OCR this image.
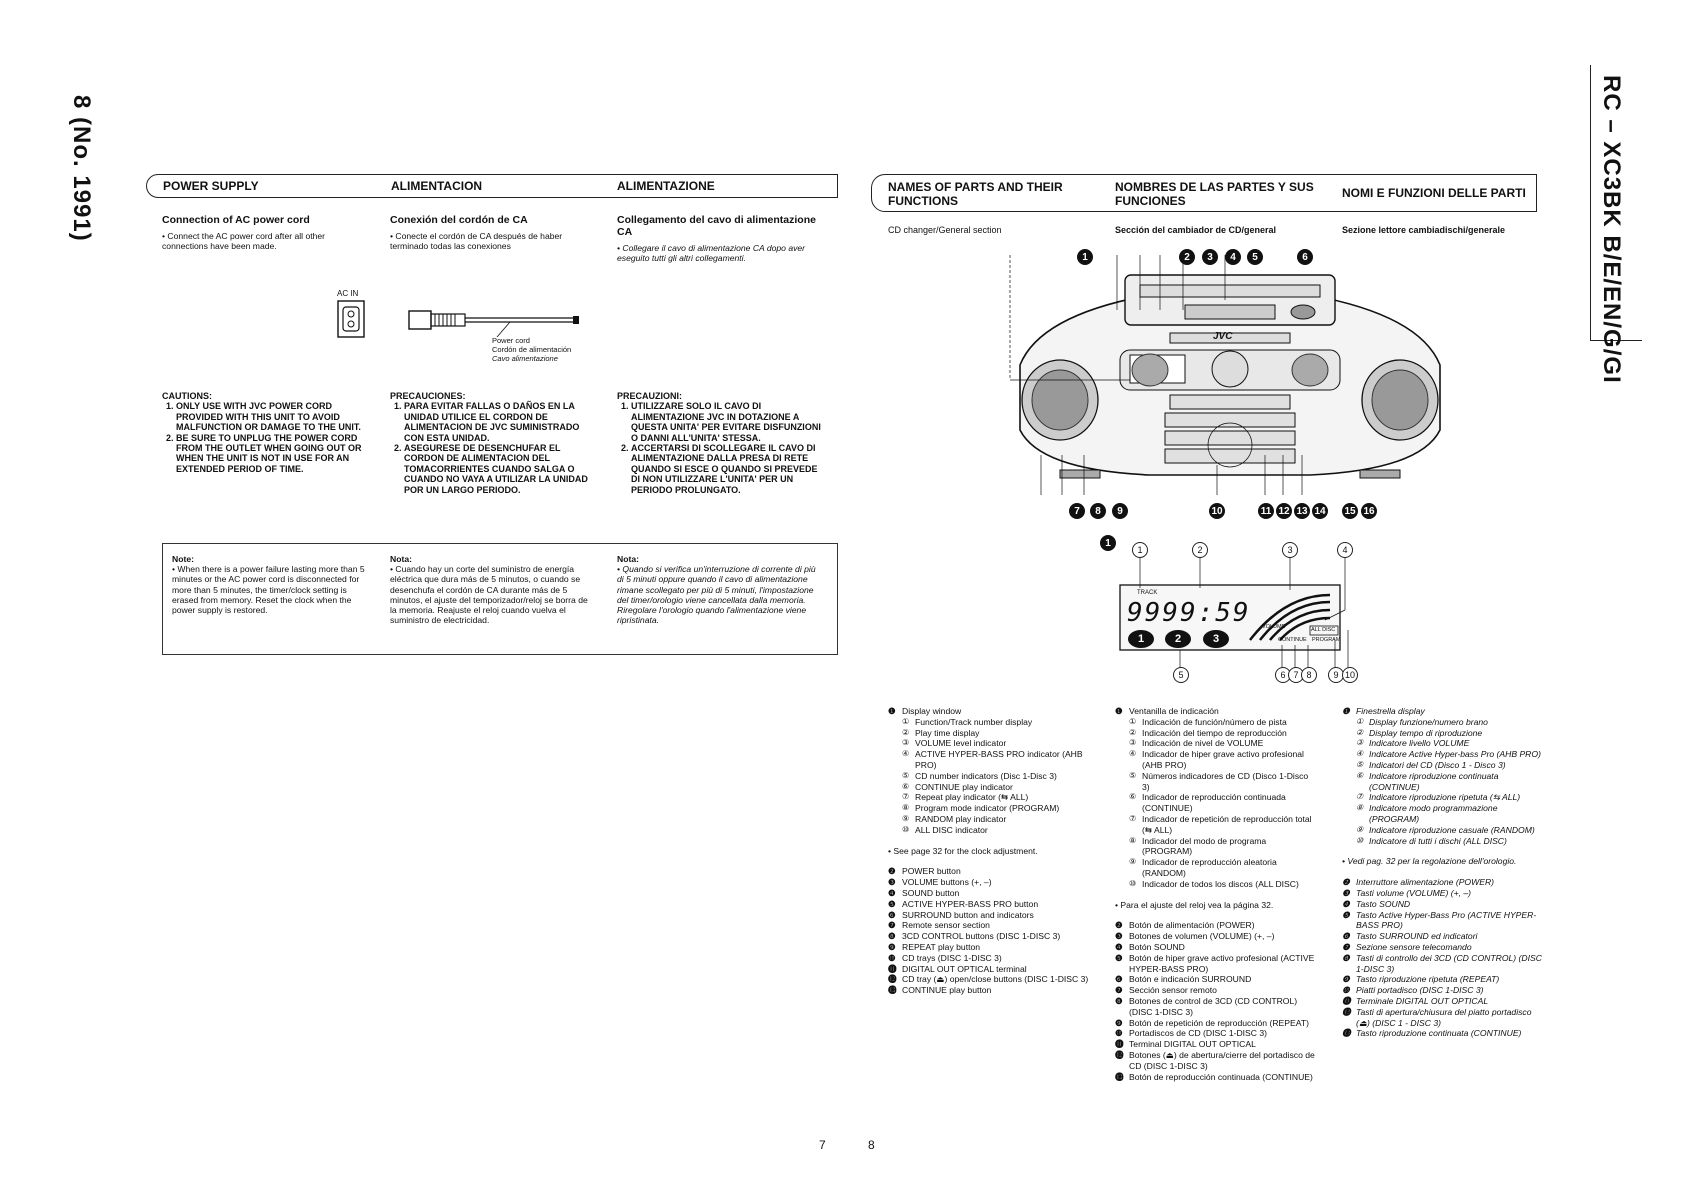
8 (No. 1991)	RC – XC3BK B/E/EN/G/GI
POWER SUPPLY	ALIMENTACION	ALIMENTAZIONE
Connection of AC power cord
• Connect the AC power cord after all other connections have been made.
Conexión del cordón de CA
• Conecte el cordón de CA después de haber terminado todas las conexiones
Collegamento del cavo di alimentazione CA
• Collegare il cavo di alimentazione CA dopo aver eseguito tutti gli altri collegamenti.
AC IN
Power cord
Cordón de alimentación
Cavo alimentazione
CAUTIONS:
1. ONLY USE WITH JVC POWER CORD PROVIDED WITH THIS UNIT TO AVOID MALFUNCTION OR DAMAGE TO THE UNIT.
2. BE SURE TO UNPLUG THE POWER CORD FROM THE OUTLET WHEN GOING OUT OR WHEN THE UNIT IS NOT IN USE FOR AN EXTENDED PERIOD OF TIME.
PRECAUCIONES:
1. PARA EVITAR FALLAS O DAÑOS EN LA UNIDAD UTILICE EL CORDON DE ALIMENTACION DE JVC SUMINISTRADO CON ESTA UNIDAD.
2. ASEGURESE DE DESENCHUFAR EL CORDON DE ALIMENTACION DEL TOMACORRIENTES CUANDO SALGA O CUANDO NO VAYA A UTILIZAR LA UNIDAD POR UN LARGO PERIODO.
PRECAUZIONI:
1. UTILIZZARE SOLO IL CAVO DI ALIMENTAZIONE JVC IN DOTAZIONE A QUESTA UNITA' PER EVITARE DISFUNZIONI O DANNI ALL'UNITA' STESSA.
2. ACCERTARSI DI SCOLLEGARE IL CAVO DI ALIMENTAZIONE DALLA PRESA DI RETE QUANDO SI ESCE O QUANDO SI PREVEDE DI NON UTILIZZARE L'UNITA' PER UN PERIODO PROLUNGATO.
Note:
• When there is a power failure lasting more than 5 minutes or the AC power cord is disconnected for more than 5 minutes, the timer/clock setting is erased from memory. Reset the clock when the power supply is restored.
Nota:
• Cuando hay un corte del suministro de energía eléctrica que dura más de 5 minutos, o cuando se desenchufa el cordón de CA durante más de 5 minutos, el ajuste del temporizador/reloj se borra de la memoria. Reajuste el reloj cuando vuelva el suministro de electricidad.
Nota:
• Quando si verifica un'interruzione di corrente di più di 5 minuti oppure quando il cavo di alimentazione rimane scollegato per più di 5 minuti, l'impostazione del timer/orologio viene cancellata dalla memoria. Riregolare l'orologio quando l'alimentazione viene ripristinata.
NAMES OF PARTS AND THEIR FUNCTIONS
NOMBRES DE LAS PARTES Y SUS FUNCIONES
NOMI E FUNZIONI DELLE PARTI
CD changer/General section	Sección del cambiador de CD/general	Sezione lettore cambiadischi/generale
JVC
1	2	3	4	5	6
7	8	9	10	11 12 13 14 15 16
1
TRACK
9999:59 VOLUME	ALL DISC
CONTINUE PROGRAM
1	2	3
1	2	3	4
5	6 7 8	9 10
❶ Display window
① Function/Track number display
② Play time display
③ VOLUME level indicator
④ ACTIVE HYPER-BASS PRO indicator (AHB PRO)
⑤ CD number indicators (Disc 1-Disc 3)
⑥ CONTINUE play indicator
⑦ Repeat play indicator (⇆ ALL)
⑧ Program mode indicator (PROGRAM)
⑨ RANDOM play indicator
⑩ ALL DISC indicator
• See page 32 for the clock adjustment.
❷ POWER button
❸ VOLUME buttons (+, –)
❹ SOUND button
❺ ACTIVE HYPER-BASS PRO button
❻ SURROUND button and indicators
❼ Remote sensor section
❽ 3CD CONTROL buttons (DISC 1-DISC 3)
❾ REPEAT play button
❿ CD trays (DISC 1-DISC 3)
⓫ DIGITAL OUT OPTICAL terminal
⓬ CD tray (⏏) open/close buttons (DISC 1-DISC 3)
⓭ CONTINUE play button
❶ Ventanilla de indicación
① Indicación de función/número de pista
② Indicación del tiempo de reproducción
③ Indicación de nivel de VOLUME
④ Indicador de hiper grave activo profesional (AHB PRO)
⑤ Números indicadores de CD (Disco 1-Disco 3)
⑥ Indicador de reproducción continuada (CONTINUE)
⑦ Indicador de repetición de reproducción total (⇆ ALL)
⑧ Indicador del modo de programa (PROGRAM)
⑨ Indicador de reproducción aleatoria (RANDOM)
⑩ Indicador de todos los discos (ALL DISC)
• Para el ajuste del reloj vea la página 32.
❷ Botón de alimentación (POWER)
❸ Botones de volumen (VOLUME) (+, –)
❹ Botón SOUND
❺ Botón de hiper grave activo profesional (ACTIVE HYPER-BASS PRO)
❻ Botón e indicación SURROUND
❼ Sección sensor remoto
❽ Botones de control de 3CD (CD CONTROL) (DISC 1-DISC 3)
❾ Botón de repetición de reproducción (REPEAT)
❿ Portadiscos de CD (DISC 1-DISC 3)
⓫ Terminal DIGITAL OUT OPTICAL
⓬ Botones (⏏) de abertura/cierre del portadisco de CD (DISC 1-DISC 3)
⓭ Botón de reproducción continuada (CONTINUE)
❶ Finestrella display
① Display funzione/numero brano
② Display tempo di riproduzione
③ Indicatore livello VOLUME
④ Indicatore Active Hyper-bass Pro (AHB PRO)
⑤ Indicatori del CD (Disco 1 - Disco 3)
⑥ Indicatore riproduzione continuata (CONTINUE)
⑦ Indicatore riproduzione ripetuta (⇆ ALL)
⑧ Indicatore modo programmazione (PROGRAM)
⑨ Indicatore riproduzione casuale (RANDOM)
⑩ Indicatore di tutti i dischi (ALL DISC)
• Vedi pag. 32 per la regolazione dell'orologio.
❷ Interruttore alimentazione (POWER)
❸ Tasti volume (VOLUME) (+, –)
❹ Tasto SOUND
❺ Tasto Active Hyper-Bass Pro (ACTIVE HYPER-BASS PRO)
❻ Tasto SURROUND ed indicatori
❼ Sezione sensore telecomando
❽ Tasti di controllo dei 3CD (CD CONTROL) (DISC 1-DISC 3)
❾ Tasto riproduzione ripetuta (REPEAT)
❿ Piatti portadisco (DISC 1-DISC 3)
⓫ Terminale DIGITAL OUT OPTICAL
⓬ Tasti di apertura/chiusura del piatto portadisco (⏏) (DISC 1 - DISC 3)
⓭ Tasto riproduzione continuata (CONTINUE)
7	8
